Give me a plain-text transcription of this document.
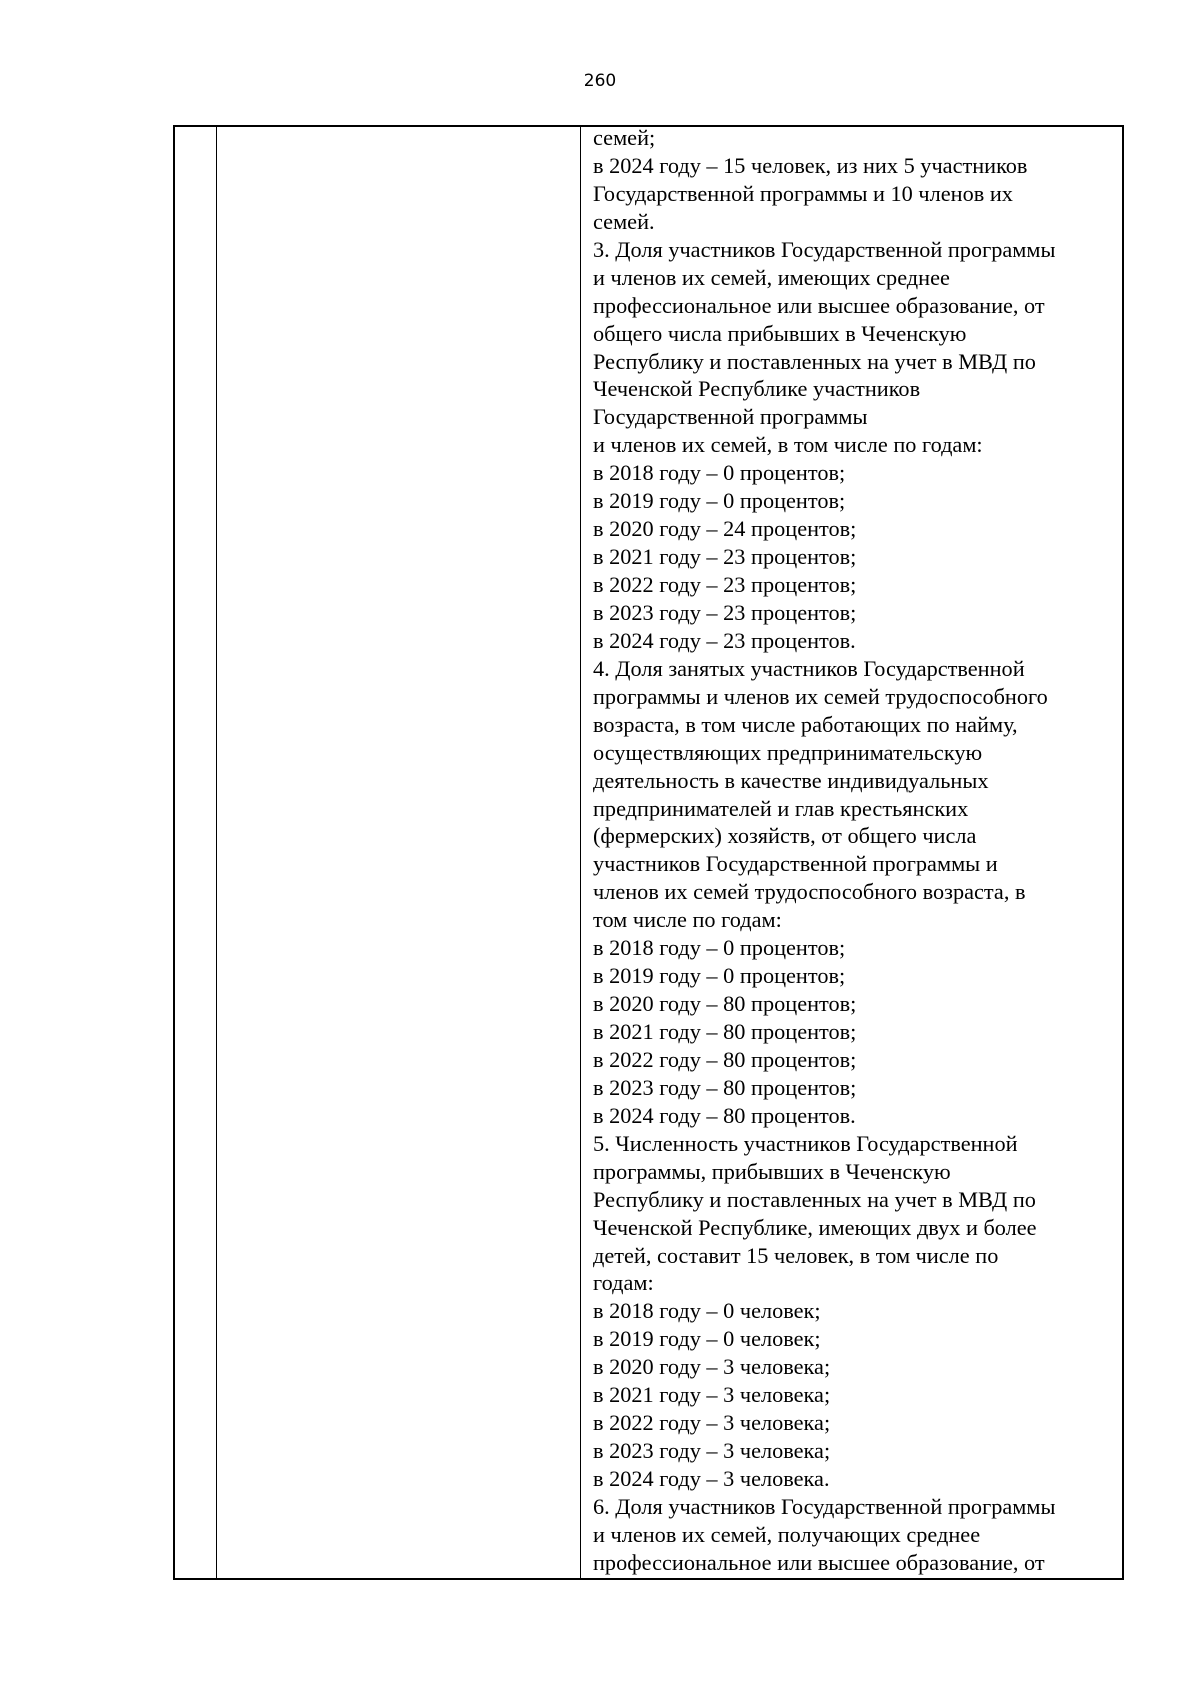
260
семей;
в 2024 году – 15 человек, из них 5 участников
Государственной программы и 10 членов их
семей.
3. Доля участников Государственной программы
и членов их семей, имеющих среднее
профессиональное или высшее образование, от
общего числа прибывших в Чеченскую
Республику и поставленных на учет в МВД по
Чеченской Республике участников
Государственной программы
и членов их семей, в том числе по годам:
в 2018 году – 0 процентов;
в 2019 году – 0 процентов;
в 2020 году – 24 процентов;
в 2021 году – 23 процентов;
в 2022 году – 23 процентов;
в 2023 году – 23 процентов;
в 2024 году – 23 процентов.
4. Доля занятых участников Государственной
программы и членов их семей трудоспособного
возраста, в том числе работающих по найму,
осуществляющих предпринимательскую
деятельность в качестве индивидуальных
предпринимателей и глав крестьянских
(фермерских) хозяйств, от общего числа
участников Государственной программы и
членов их семей трудоспособного возраста, в
том числе по годам:
в 2018 году – 0 процентов;
в 2019 году – 0 процентов;
в 2020 году – 80 процентов;
в 2021 году – 80 процентов;
в 2022 году – 80 процентов;
в 2023 году – 80 процентов;
в 2024 году – 80 процентов.
5. Численность участников Государственной
программы, прибывших в Чеченскую
Республику и поставленных на учет в МВД по
Чеченской Республике, имеющих двух и более
детей, составит 15 человек, в том числе по
годам:
в 2018 году – 0 человек;
в 2019 году – 0 человек;
в 2020 году – 3 человека;
в 2021 году – 3 человека;
в 2022 году – 3 человека;
в 2023 году – 3 человека;
в 2024 году – 3 человека.
6. Доля участников Государственной программы
и членов их семей, получающих среднее
профессиональное или высшее образование, от
